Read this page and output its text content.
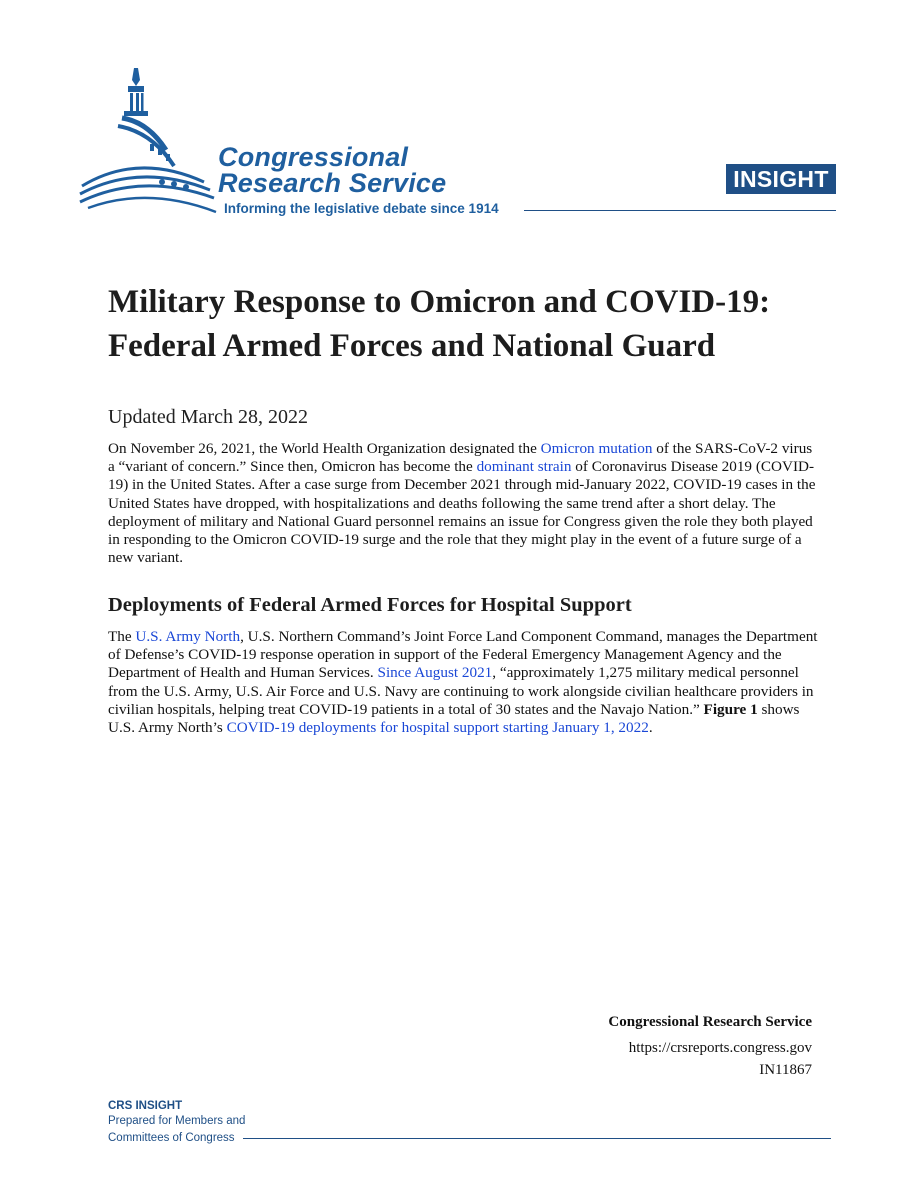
Congressional
Research Service
Informing the legislative debate since 1914
INSIGHT
Military Response to Omicron and COVID-19: Federal Armed Forces and National Guard
Updated March 28, 2022

On November 26, 2021, the World Health Organization designated the Omicron mutation of the SARS-CoV-2 virus a “variant of concern.” Since then, Omicron has become the dominant strain of Coronavirus Disease 2019 (COVID-19) in the United States. After a case surge from December 2021 through mid-January 2022, COVID-19 cases in the United States have dropped, with hospitalizations and deaths following the same trend after a short delay. The deployment of military and National Guard personnel remains an issue for Congress given the role they both played in responding to the Omicron COVID-19 surge and the role that they might play in the event of a future surge of a new variant.

Deployments of Federal Armed Forces for Hospital Support

The U.S. Army North, U.S. Northern Command’s Joint Force Land Component Command, manages the Department of Defense’s COVID-19 response operation in support of the Federal Emergency Management Agency and the Department of Health and Human Services. Since August 2021, “approximately 1,275 military medical personnel from the U.S. Army, U.S. Air Force and U.S. Navy are continuing to work alongside civilian healthcare providers in civilian hospitals, helping treat COVID-19 patients in a total of 30 states and the Navajo Nation.” Figure 1 shows U.S. Army North’s COVID-19 deployments for hospital support starting January 1, 2022.

Congressional Research Service
https://crsreports.congress.gov
IN11867
CRS INSIGHT
Prepared for Members and
Committees of Congress
